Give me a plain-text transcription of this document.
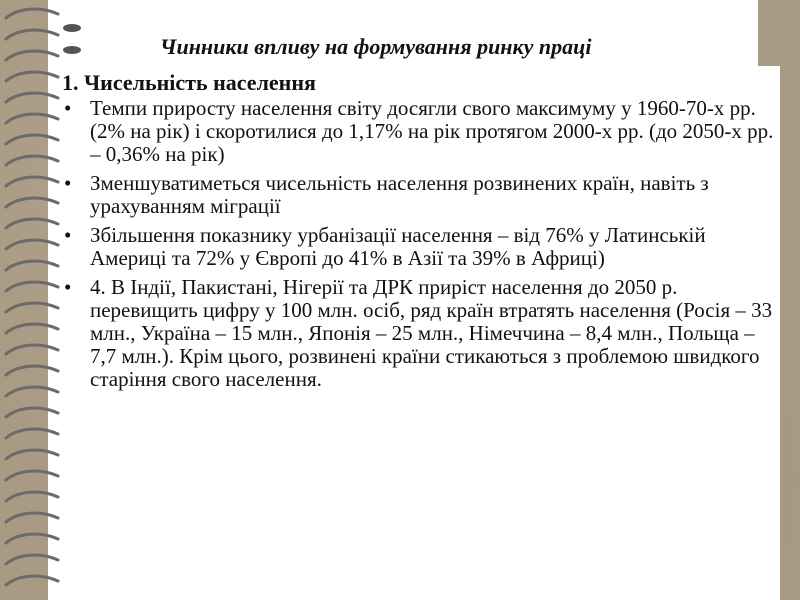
Чинники впливу на формування ринку праці
1. Чисельність населення
• Темпи приросту населення світу досягли свого максимуму у 1960-70-х рр. (2% на рік) і скоротилися до 1,17% на рік протягом 2000-х рр. (до 2050-х рр. – 0,36% на рік)
• Зменшуватиметься чисельність населення розвинених країн, навіть з урахуванням міграції
• Збільшення показнику урбанізації населення – від 76% у Латинській Америці та 72% у Європі до 41% в Азії та 39% в Африці)
• 4. В Індії, Пакистані, Нігерії та ДРК приріст населення до 2050 р. перевищить цифру у 100 млн. осіб, ряд країн втратять населення (Росія – 33 млн., Україна – 15 млн., Японія – 25 млн., Німеччина – 8,4 млн., Польща – 7,7 млн.). Крім цього, розвинені країни стикаються з проблемою швидкого старіння свого населення.
